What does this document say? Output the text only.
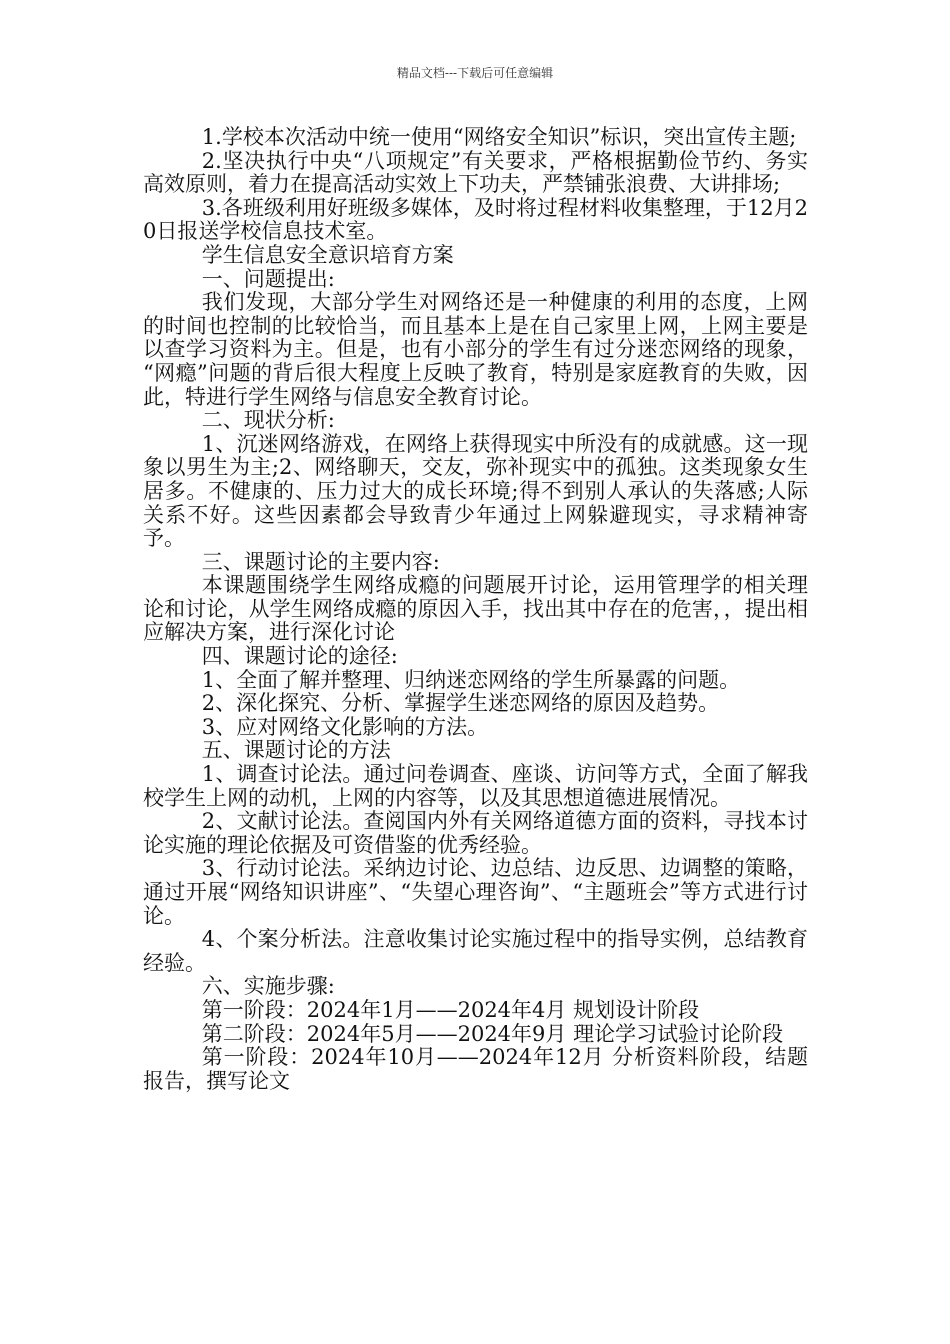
精品文档---下载后可任意编辑

1.学校本次活动中统一使用“网络安全知识”标识，突出宣传主题;

2.坚决执行中央“八项规定”有关要求，严格根据勤俭节约、务实高效原则，着力在提高活动实效上下功夫，严禁铺张浪费、大讲排场;

3.各班级利用好班级多媒体，及时将过程材料收集整理，于12月20日报送学校信息技术室。

学生信息安全意识培育方案

一、问题提出:

我们发现，大部分学生对网络还是一种健康的利用的态度，上网的时间也控制的比较恰当，而且基本上是在自己家里上网，上网主要是以查学习资料为主。但是，也有小部分的学生有过分迷恋网络的现象， “网瘾”问题的背后很大程度上反映了教育，特别是家庭教育的失败，因此，特进行学生网络与信息安全教育讨论。

二、现状分析:

1、沉迷网络游戏，在网络上获得现实中所没有的成就感。这一现象以男生为主;2、网络聊天，交友，弥补现实中的孤独。这类现象女生居多。不健康的、压力过大的成长环境;得不到别人承认的失落感;人际关系不好。这些因素都会导致青少年通过上网躲避现实，寻求精神寄予。

三、课题讨论的主要内容:

本课题围绕学生网络成瘾的问题展开讨论，运用管理学的相关理论和讨论，从学生网络成瘾的原因入手，找出其中存在的危害，，提出相应解决方案，进行深化讨论

四、课题讨论的途径:

1、全面了解并整理、归纳迷恋网络的学生所暴露的问题。

2、深化探究、分析、掌握学生迷恋网络的原因及趋势。

3、应对网络文化影响的方法。

五、课题讨论的方法

1、调查讨论法。通过问卷调查、座谈、访问等方式，全面了解我校学生上网的动机，上网的内容等，以及其思想道德进展情况。

2、文献讨论法。查阅国内外有关网络道德方面的资料，寻找本讨论实施的理论依据及可资借鉴的优秀经验。

3、行动讨论法。采纳边讨论、边总结、边反思、边调整的策略，通过开展“网络知识讲座”、“失望心理咨询”、“主题班会”等方式进行讨论。

4、个案分析法。注意收集讨论实施过程中的指导实例，总结教育经验。

六、实施步骤:

第一阶段：2024年1月——2024年4月 规划设计阶段

第二阶段：2024年5月——2024年9月 理论学习试验讨论阶段

第一阶段：2024年10月——2024年12月 分析资料阶段，结题报告，撰写论文
